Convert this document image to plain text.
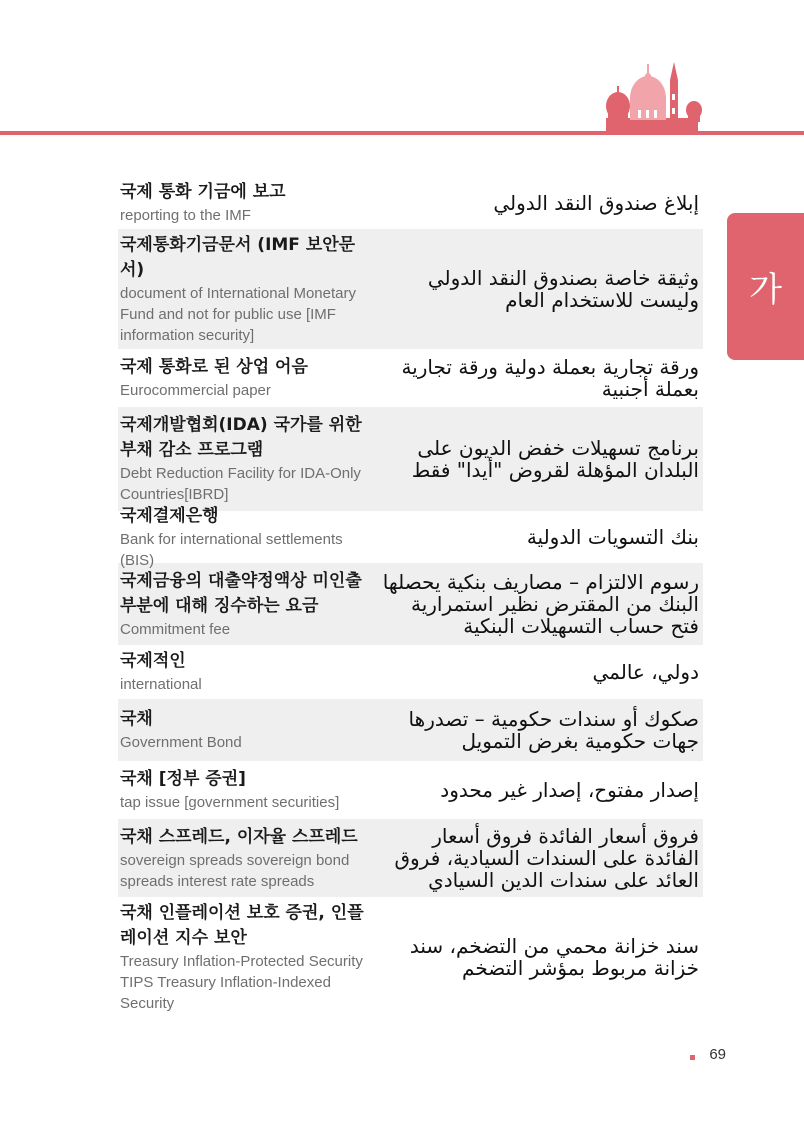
가
국제 통화 기금에 보고
reporting to the IMF
إبلاغ صندوق النقد الدولي
국제통화기금문서 (IMF 보안문서)
document of International Monetary Fund and not for public use [IMF information security]
وثيقة خاصة بصندوق النقد الدولي وليست للاستخدام العام
국제 통화로 된 상업 어음
Eurocommercial paper
ورقة تجارية بعملة دولية ورقة تجارية بعملة أجنبية
국제개발협회(IDA) 국가를 위한 부채 감소 프로그램
Debt Reduction Facility for IDA-Only Countries[IBRD]
برنامج تسهيلات خفض الديون على البلدان المؤهلة لقروض "أيدا" فقط
국제결제은행
Bank for international settlements (BIS)
بنك التسويات الدولية
국제금융의 대출약정액상 미인출부분에 대해 징수하는 요금
Commitment fee
رسوم الالتزام – مصاريف بنكية يحصلها البنك من المقترض نظير استمرارية فتح حساب التسهيلات البنكية
국제적인
international
دولي، عالمي
국채
Government Bond
صكوك أو سندات حكومية – تصدرها جهات حكومية بغرض التمويل
국채 [정부 증권]
tap issue [government securities]
إصدار مفتوح، إصدار غير محدود
국채 스프레드, 이자율 스프레드
sovereign spreads sovereign bond spreads interest rate spreads
فروق أسعار الفائدة فروق أسعار الفائدة على السندات السيادية، فروق العائد على سندات الدين السيادي
국채 인플레이션 보호 증권, 인플레이션 지수 보안
Treasury Inflation-Protected Security TIPS Treasury Inflation-Indexed Security
سند خزانة محمي من التضخم، سند خزانة مربوط بمؤشر التضخم
69
